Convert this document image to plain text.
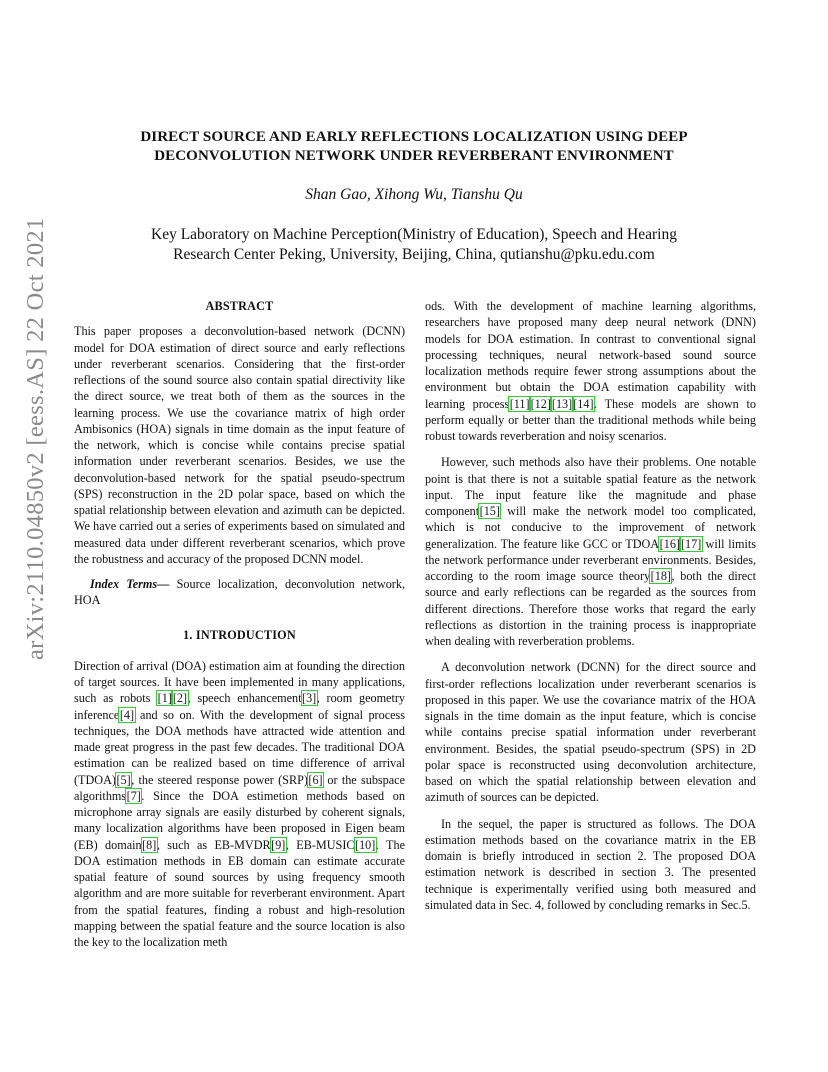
arXiv:2110.04850v2 [eess.AS] 22 Oct 2021
DIRECT SOURCE AND EARLY REFLECTIONS LOCALIZATION USING DEEP
DECONVOLUTION NETWORK UNDER REVERBERANT ENVIRONMENT
Shan Gao, Xihong Wu, Tianshu Qu
Key Laboratory on Machine Perception(Ministry of Education), Speech and Hearing
Research Center Peking, University, Beijing, China, qutianshu@pku.edu.com
ABSTRACT

This paper proposes a deconvolution-based network (DCNN) model for DOA estimation of direct source and early reflections under reverberant scenarios. Considering that the first-order reflections of the sound source also contain spatial directivity like the direct source, we treat both of them as the sources in the learning process. We use the covariance matrix of high order Ambisonics (HOA) signals in time domain as the input feature of the network, which is concise while contains precise spatial information under reverberant scenarios. Besides, we use the deconvolution-based network for the spatial pseudo-spectrum (SPS) reconstruction in the 2D polar space, based on which the spatial relationship between elevation and azimuth can be depicted. We have carried out a series of experiments based on simulated and measured data under different reverberant scenarios, which prove the robustness and accuracy of the proposed DCNN model.

Index Terms— Source localization, deconvolution network, HOA

1. INTRODUCTION

Direction of arrival (DOA) estimation aim at founding the direction of target sources. It have been implemented in many applications, such as robots [1][2], speech enhancement[3], room geometry inference[4] and so on. With the development of signal process techniques, the DOA methods have attracted wide attention and made great progress in the past few decades. The traditional DOA estimation can be realized based on time difference of arrival (TDOA)[5], the steered response power (SRP)[6] or the subspace algorithms[7]. Since the DOA estimetion methods based on microphone array signals are easily disturbed by coherent signals, many localization algorithms have been proposed in Eigen beam (EB) domain[8], such as EB-MVDR[9], EB-MUSIC[10]. The DOA estimation methods in EB domain can estimate accurate spatial feature of sound sources by using frequency smooth algorithm and are more suitable for reverberant environment. Apart from the spatial features, finding a robust and high-resolution mapping between the spatial feature and the source location is also the key to the localization meth

ods. With the development of machine learning algorithms, researchers have proposed many deep neural network (DNN) models for DOA estimation. In contrast to conventional signal processing techniques, neural network-based sound source localization methods require fewer strong assumptions about the environment but obtain the DOA estimation capability with learning process[11][12][13][14]. These models are shown to perform equally or better than the traditional methods while being robust towards reverberation and noisy scenarios.

However, such methods also have their problems. One notable point is that there is not a suitable spatial feature as the network input. The input feature like the magnitude and phase component[15] will make the network model too complicated, which is not conducive to the improvement of network generalization. The feature like GCC or TDOA[16][17] will limits the network performance under reverberant environments. Besides, according to the room image source theory[18], both the direct source and early reflections can be regarded as the sources from different directions. Therefore those works that regard the early reflections as distortion in the training process is inappropriate when dealing with reverberation problems.

A deconvolution network (DCNN) for the direct source and first-order reflections localization under reverberant scenarios is proposed in this paper. We use the covariance matrix of the HOA signals in the time domain as the input feature, which is concise while contains precise spatial information under reverberant environment. Besides, the spatial pseudo-spectrum (SPS) in 2D polar space is reconstructed using deconvolution architecture, based on which the spatial relationship between elevation and azimuth of sources can be depicted.

In the sequel, the paper is structured as follows. The DOA estimation methods based on the covariance matrix in the EB domain is briefly introduced in section 2. The proposed DOA estimation network is described in section 3. The presented technique is experimentally verified using both measured and simulated data in Sec. 4, followed by concluding remarks in Sec.5.
